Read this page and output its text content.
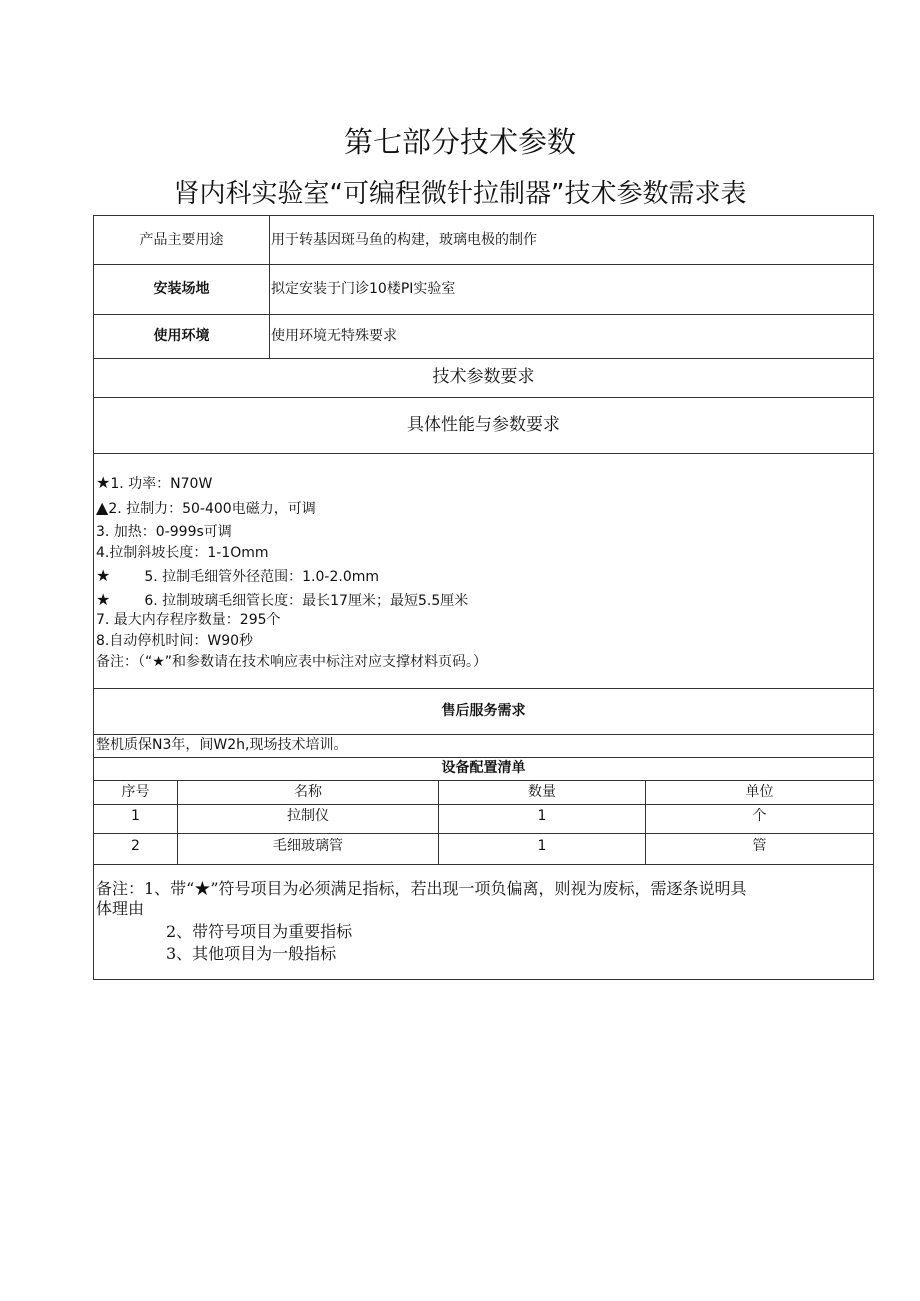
第七部分技术参数
肾内科实验室“可编程微针拉制器”技术参数需求表
产品主要用途	用于转基因斑马鱼的构建，玻璃电极的制作
安装场地	拟定安装于门诊10楼PI实验室
使用环境	使用环境无特殊要求
技术参数要求
具体性能与参数要求
★1. 功率：N70W
▲2. 拉制力：50-400电磁力，可调
3. 加热：0-999s可调
4.拉制斜坡长度：1-1Omm
★ 5. 拉制毛细管外径范围：1.0-2.0mm
★ 6. 拉制玻璃毛细管长度：最长17厘米；最短5.5厘米
7. 最大内存程序数量：295个
8.自动停机时间：W90秒
备注：（“★”和参数请在技术响应表中标注对应支撑材料页码。）
售后服务需求
整机质保N3年，间W2h,现场技术培训。
设备配置清单
序号	名称	数量	单位
1	拉制仪	1	个
2	毛细玻璃管	1	管
备注：1、带“★”符号项目为必须满足指标，若出现一项负偏离，则视为废标，需逐条说明具
体理由
2、带符号项目为重要指标
3、其他项目为一般指标
